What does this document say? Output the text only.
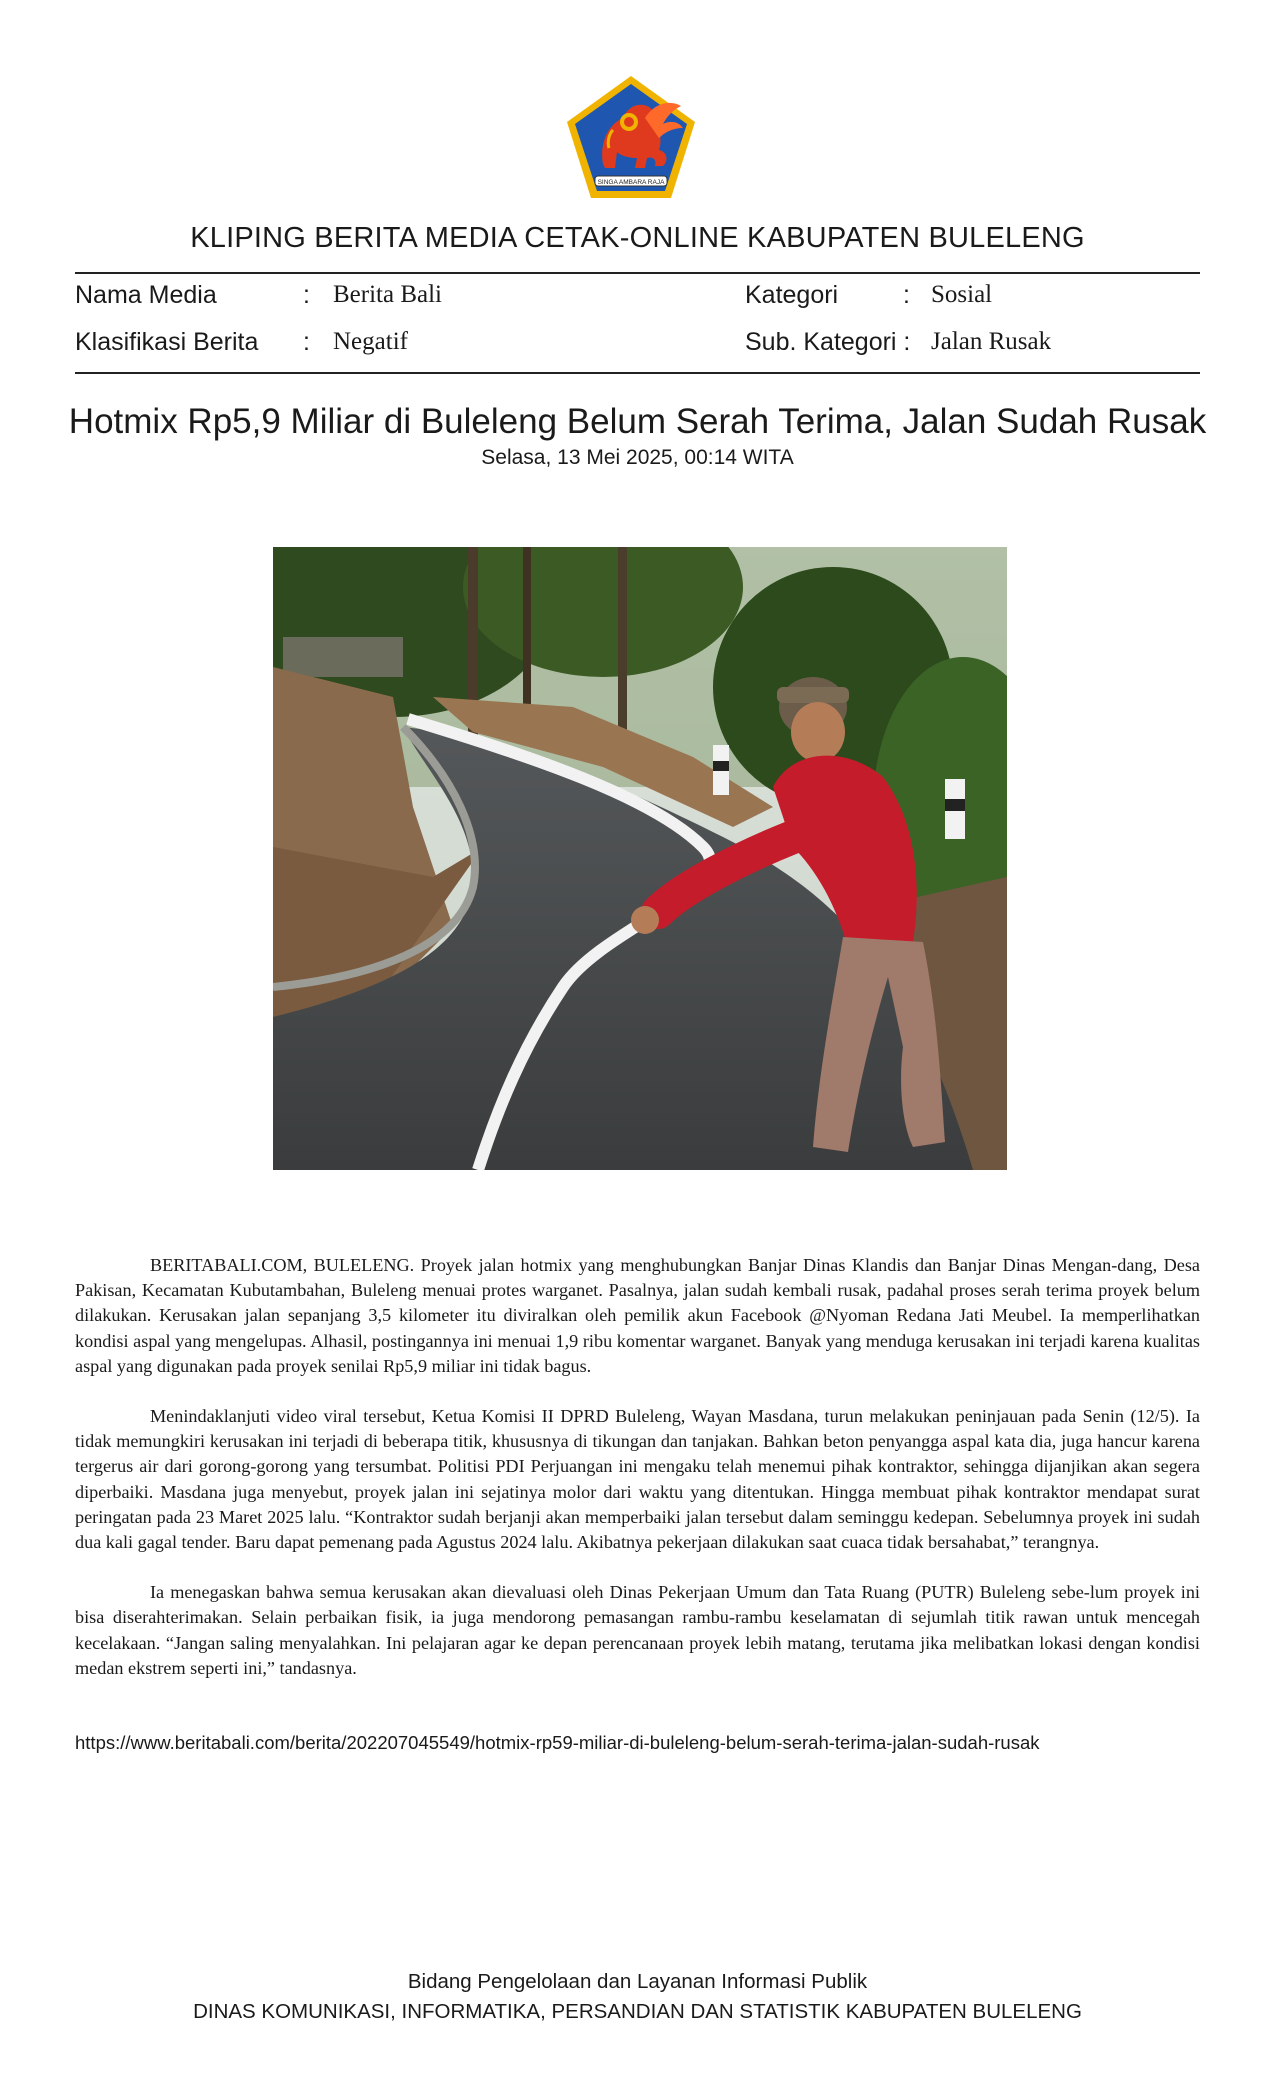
SINGA AMBARA RAJA
KLIPING BERITA MEDIA CETAK-ONLINE KABUPATEN BULELENG
Nama Media	: Berita Bali	Kategori	: Sosial
Klasifikasi Berita : Negatif	Sub. Kategori : Jalan Rusak
Hotmix Rp5,9 Miliar di Buleleng Belum Serah Terima, Jalan Sudah Rusak
Selasa, 13 Mei 2025, 00:14 WITA

BERITABALI.COM, BULELENG. Proyek jalan hotmix yang menghubungkan Banjar Dinas Klandis dan Banjar Dinas Mengan-dang, Desa Pakisan, Kecamatan Kubutambahan, Buleleng menuai protes warganet. Pasalnya, jalan sudah kembali rusak, padahal proses serah terima proyek belum dilakukan. Kerusakan jalan sepanjang 3,5 kilometer itu diviralkan oleh pemilik akun Facebook @Nyoman Redana Jati Meubel. Ia memperlihatkan kondisi aspal yang mengelupas. Alhasil, postingannya ini menuai 1,9 ribu komentar warganet. Banyak yang menduga kerusakan ini terjadi karena kualitas aspal yang digunakan pada proyek senilai Rp5,9 miliar ini tidak bagus.

Menindaklanjuti video viral tersebut, Ketua Komisi II DPRD Buleleng, Wayan Masdana, turun melakukan peninjauan pada Senin (12/5). Ia tidak memungkiri kerusakan ini terjadi di beberapa titik, khususnya di tikungan dan tanjakan. Bahkan beton penyangga aspal kata dia, juga hancur karena tergerus air dari gorong-gorong yang tersumbat. Politisi PDI Perjuangan ini mengaku telah menemui pihak kontraktor, sehingga dijanjikan akan segera diperbaiki. Masdana juga menyebut, proyek jalan ini sejatinya molor dari waktu yang ditentukan. Hingga membuat pihak kontraktor mendapat surat peringatan pada 23 Maret 2025 lalu. “Kontraktor sudah berjanji akan memperbaiki jalan tersebut dalam seminggu kedepan. Sebelumnya proyek ini sudah dua kali gagal tender. Baru dapat pemenang pada Agustus 2024 lalu. Akibatnya pekerjaan dilakukan saat cuaca tidak bersahabat,” terangnya.

Ia menegaskan bahwa semua kerusakan akan dievaluasi oleh Dinas Pekerjaan Umum dan Tata Ruang (PUTR) Buleleng sebe-lum proyek ini bisa diserahterimakan. Selain perbaikan fisik, ia juga mendorong pemasangan rambu-rambu keselamatan di sejumlah titik rawan untuk mencegah kecelakaan. “Jangan saling menyalahkan. Ini pelajaran agar ke depan perencanaan proyek lebih matang, terutama jika melibatkan lokasi dengan kondisi medan ekstrem seperti ini,” tandasnya.

https://www.beritabali.com/berita/202207045549/hotmix-rp59-miliar-di-buleleng-belum-serah-terima-jalan-sudah-rusak
Bidang Pengelolaan dan Layanan Informasi Publik
DINAS KOMUNIKASI, INFORMATIKA, PERSANDIAN DAN STATISTIK KABUPATEN BULELENG
